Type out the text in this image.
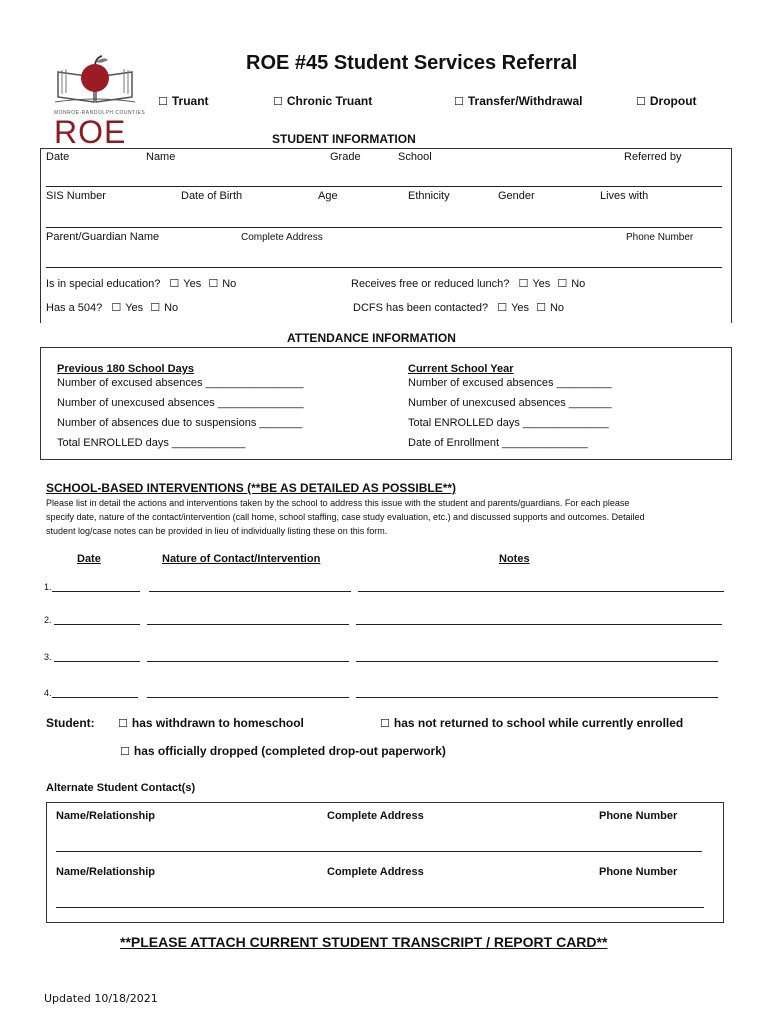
MONROE-RANDOLPH COUNTIES
ROE
ROE #45 Student Services Referral
☐ Truant	☐ Chronic Truant	☐ Transfer/Withdrawal	☐ Dropout
STUDENT INFORMATION
Date	Name	Grade	School	Referred by
SIS Number	Date of Birth	Age	Ethnicity	Gender	Lives with
Parent/Guardian Name	Complete Address	Phone Number
Is in special education? ☐ Yes ☐ No	Receives free or reduced lunch? ☐ Yes ☐ No
Has a 504? ☐ Yes ☐ No	DCFS has been contacted? ☐ Yes ☐ No
ATTENDANCE INFORMATION
Previous 180 School Days
Number of excused absences ________________
Number of unexcused absences ______________
Number of absences due to suspensions _______
Total ENROLLED days ____________
Current School Year
Number of excused absences _________
Number of unexcused absences _______
Total ENROLLED days ______________
Date of Enrollment ______________
SCHOOL-BASED INTERVENTIONS (**BE AS DETAILED AS POSSIBLE**)
Please list in detail the actions and interventions taken by the school to address this issue with the student and parents/guardians. For each please
specify date, nature of the contact/intervention (call home, school staffing, case study evaluation, etc.) and discussed supports and outcomes. Detailed
student log/case notes can be provided in lieu of individually listing these on this form.
Date	Nature of Contact/Intervention	Notes
1.
2.
3.
4.
Student:	☐ has withdrawn to homeschool	☐ has not returned to school while currently enrolled
☐ has officially dropped (completed drop-out paperwork)
Alternate Student Contact(s)
Name/Relationship	Complete Address	Phone Number
Name/Relationship	Complete Address	Phone Number
**PLEASE ATTACH CURRENT STUDENT TRANSCRIPT / REPORT CARD**
Updated 10/18/2021
